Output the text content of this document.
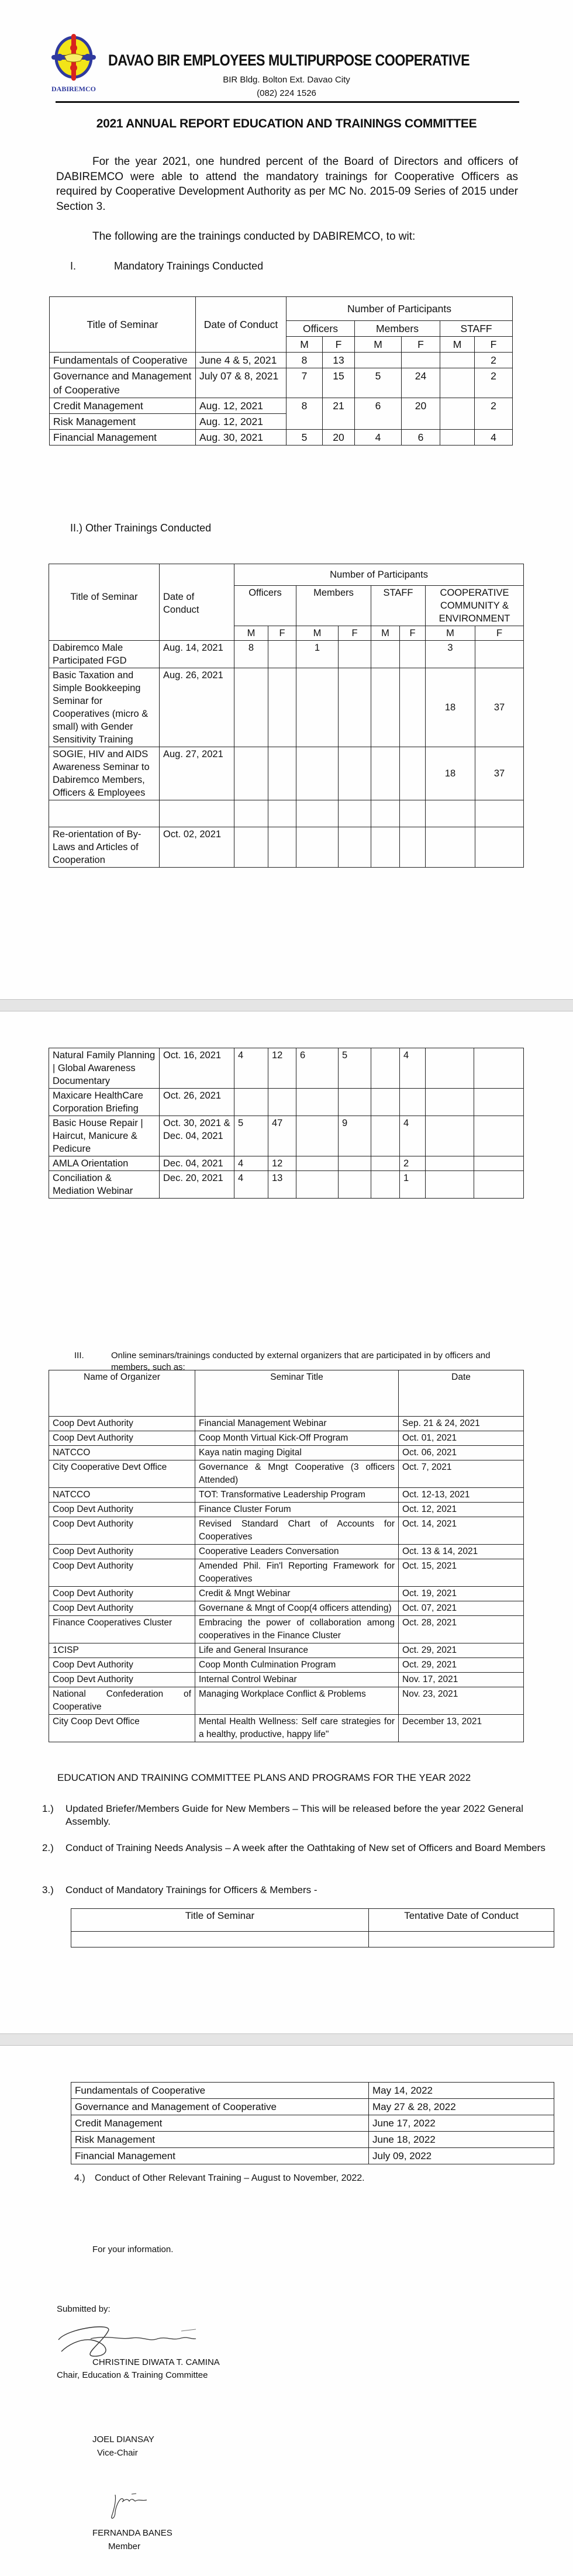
DABIREMCO
DAVAO BIR EMPLOYEES MULTIPURPOSE COOPERATIVE
BIR Bldg. Bolton Ext. Davao City
(082) 224 1526
2021 ANNUAL REPORT EDUCATION AND TRAININGS COMMITTEE
For the year 2021, one hundred percent of the Board of Directors and officers of DABIREMCO were able to attend the mandatory trainings for Cooperative Officers as required by Cooperative Development Authority as per MC No. 2015-09 Series of 2015 under Section 3.
The following are the trainings conducted by DABIREMCO, to wit:
I.	Mandatory Trainings Conducted
Title of Seminar	Date of Conduct	Number of Participants					
		Officers		Members		STAFF	
		M	F	M	F	M	F
Fundamentals of Cooperative	June 4 & 5, 2021	8	13				2
Governance and Management of Cooperative	July 07 & 8, 2021	7	15	5	24		2
Credit Management	Aug. 12, 2021	8	21	6	20		2
Risk Management	Aug. 12, 2021						
Financial Management	Aug. 30, 2021	5	20	4	6		4
II.) Other Trainings Conducted
Title of Seminar	Date of Conduct	Number of Participants							
		Officers		Members		STAFF		COOPERATIVE COMMUNITY & ENVIRONMENT	
		M	F	M	F	M	F	M	F
Dabiremco Male Participated FGD	Aug. 14, 2021	8		1				3	
Basic Taxation and Simple Bookkeeping Seminar for Cooperatives (micro & small) with Gender Sensitivity Training	Aug. 26, 2021							18	37
SOGIE, HIV and AIDS Awareness Seminar to Dabiremco Members, Officers & Employees	Aug. 27, 2021							18	37

Re-orientation of By-Laws and Articles of Cooperation	Oct. 02, 2021								
Natural Family Planning | Global Awareness Documentary	Oct. 16, 2021	4	12	6	5		4		
Maxicare HealthCare Corporation Briefing	Oct. 26, 2021								
Basic House Repair | Haircut, Manicure & Pedicure	Oct. 30, 2021 & Dec. 04, 2021	5	47		9		4		
AMLA Orientation	Dec. 04, 2021	4	12				2		
Conciliation & Mediation Webinar	Dec. 20, 2021	4	13				1		
III.	Online seminars/trainings conducted by external organizers that are participated in by officers and members, such as:
Name of Organizer	Seminar Title	Date
Coop Devt Authority	Financial Management Webinar	Sep. 21 & 24, 2021
Coop Devt Authority	Coop Month Virtual Kick-Off Program	Oct. 01, 2021
NATCCO	Kaya natin maging Digital	Oct. 06, 2021
City Cooperative Devt Office	Governance & Mngt Cooperative (3 officers Attended)	Oct. 7, 2021
NATCCO	TOT: Transformative Leadership Program	Oct. 12-13, 2021
Coop Devt Authority	Finance Cluster Forum	Oct. 12, 2021
Coop Devt Authority	Revised Standard Chart of Accounts for Cooperatives	Oct. 14, 2021
Coop Devt Authority	Cooperative Leaders Conversation	Oct. 13 & 14, 2021
Coop Devt Authority	Amended Phil. Fin'l Reporting Framework for Cooperatives	Oct. 15, 2021
Coop Devt Authority	Credit & Mngt Webinar	Oct. 19, 2021
Coop Devt Authority	Governane & Mngt of Coop(4 officers attending)	Oct. 07, 2021
Finance Cooperatives Cluster	Embracing the power of collaboration among cooperatives in the Finance Cluster	Oct. 28, 2021
1CISP	Life and General Insurance	Oct. 29, 2021
Coop Devt Authority	Coop Month Culmination Program	Oct. 29, 2021
Coop Devt Authority	Internal Control Webinar	Nov. 17, 2021
National Confederation of Cooperative	Managing Workplace Conflict & Problems	Nov. 23, 2021
City Coop Devt Office	Mental Health Wellness: Self care strategies for a healthy, productive, happy life"	December 13, 2021
EDUCATION AND TRAINING COMMITTEE PLANS AND PROGRAMS FOR THE YEAR 2022
1.) Updated Briefer/Members Guide for New Members – This will be released before the year 2022 General Assembly.
2.) Conduct of Training Needs Analysis – A week after the Oathtaking of New set of Officers and Board Members
3.) Conduct of Mandatory Trainings for Officers & Members -
Title of Seminar	Tentative Date of Conduct

Fundamentals of Cooperative	May 14, 2022
Governance and Management of Cooperative	May 27 & 28, 2022
Credit Management	June 17, 2022
Risk Management	June 18, 2022
Financial Management	July 09, 2022
4.) Conduct of Other Relevant Training – August to November, 2022.
For your information.
Submitted by:
CHRISTINE DIWATA T. CAMINA
Chair, Education & Training Committee
JOEL DIANSAY
Vice-Chair
FERNANDA BANES
Member
